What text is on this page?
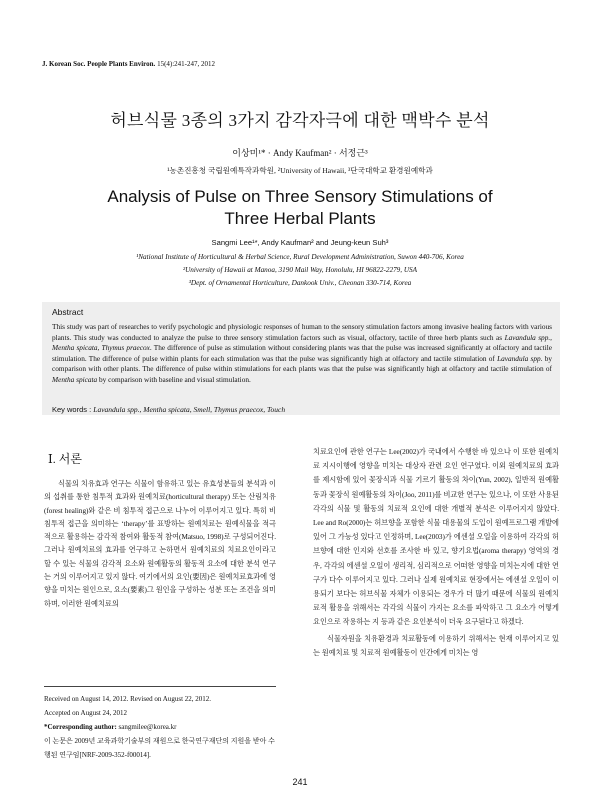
J. Korean Soc. People Plants Environ. 15(4):241-247, 2012
허브식물 3종의 3가지 감각자극에 대한 맥박수 분석
이상미¹* · Andy Kaufman² · 서정근³
¹농촌진흥청 국립원예특작과학원, ²University of Hawaii, ³단국대학교 환경원예학과
Analysis of Pulse on Three Sensory Stimulations of
Three Herbal Plants
Sangmi Lee¹*, Andy Kaufman² and Jeung-keun Suh³
¹National Institute of Horticultural & Herbal Science, Rural Development Administration, Suwon 440-706, Korea
²University of Hawaii at Manoa, 3190 Mail Way, Honolulu, HI 96822-2279, USA
³Dept. of Ornamental Horticulture, Dankook Univ., Cheonan 330-714, Korea
Abstract
This study was part of researches to verify psychologic and physiologic responses of human to the sensory stimulation factors among invasive healing factors with various plants. This study was conducted to analyze the pulse to three sensory stimulation factors such as visual, olfactory, tactile of three herb plants such as Lavandula spp., Mentha spicata, Thymus praecox. The difference of pulse as stimulation without considering plants was that the pulse was increased significantly at olfactory and tactile stimulation. The difference of pulse within plants for each stimulation was that the pulse was significantly high at olfactory and tactile stimulation of Lavandula spp. by comparison with other plants. The difference of pulse within stimulations for each plants was that the pulse was significantly high at olfactory and tactile stimulation of Mentha spicata by comparison with baseline and visual stimulation.
Key words : Lavandula spp., Mentha spicata, Smell, Thymus praecox, Touch
Ⅰ. 서론
식물의 치유효과 연구는 식물이 함유하고 있는 유효성분들의 분석과 이의 섭취를 통한 침투적 효과와 원예치료(horticultural therapy) 또는 산림치유(forest healing)와 같은 비 침투적 접근으로 나누어 이루어지고 있다. 특히 비 침투적 접근을 의미하는 ‘therapy’를 표방하는 원예치료는 원예식물을 적극적으로 활용하는 감각적 참여와 활동적 참여(Matsuo, 1998)로 구성되어진다. 그러나 원예치료의 효과를 연구하고 논하면서 원예치료의 치료요인이라고 할 수 있는 식물의 감각적 요소와 원예활동의 활동적 요소에 대한 분석 연구는 거의 이루어지고 있지 않다. 여기에서의 요인(要因)은 원예치료효과에 영향을 미치는 원인으로, 요소(要素)그 원인을 구성하는 성분 또는 조건을 의미하며, 이러한 원예치료의
치료요인에 관한 연구는 Lee(2002)가 국내에서 수행한 바 있으나 이 또한 원예치료 지시이행에 영향을 미치는 대상자 관련 요인 연구였다. 이외 원예치료의 효과를 제시함에 있어 꽃장식과 식물 기르기 활동의 차이(Yun, 2002), 일반적 원예활동과 꽃장식 원예활동의 차이(Joo, 2011)를 비교한 연구는 있으나, 이 또한 사용된 각각의 식물 및 활동의 치료적 요인에 대한 개별적 분석은 이루어지지 않았다. Lee and Ro(2000)는 허브향을 포함한 식물 대용물의 도입이 원예프로그램 개발에 있어 그 가능성 있다고 인정하며, Lee(2003)가 에센셜 오일을 이용하여 각각의 허브향에 대한 인지와 선호를 조사한 바 있고, 향기요법(aroma therapy) 영역의 경우, 각각의 에센셜 오일이 생리적, 심리적으로 어떠한 영향을 미치는지에 대한 연구가 다수 이루어지고 있다. 그러나 실제 원예치료 현장에서는 에센셜 오일이 이용되기 보다는 허브식물 자체가 이용되는 경우가 더 많기 때문에 식물의 원예치료적 활용을 위해서는 각각의 식물이 가지는 요소를 파악하고 그 요소가 어떻게 요인으로 작용하는 지 등과 같은 요인분석이 더욱 요구된다고 하겠다.
식물자원을 치유환경과 치료활동에 이용하기 위해서는 현재 이루어지고 있는 원예치료 및 치료적 원예활동이 인간에게 미치는 영
Received on August 14, 2012. Revised on August 22, 2012.
Accepted on August 24, 2012
*Corresponding author: sangmilee@korea.kr
이 논문은 2009년 교육과학기술부의 재원으로 한국연구재단의 지원을 받아 수행된 연구임[NRF-2009-352-f00014].
241
